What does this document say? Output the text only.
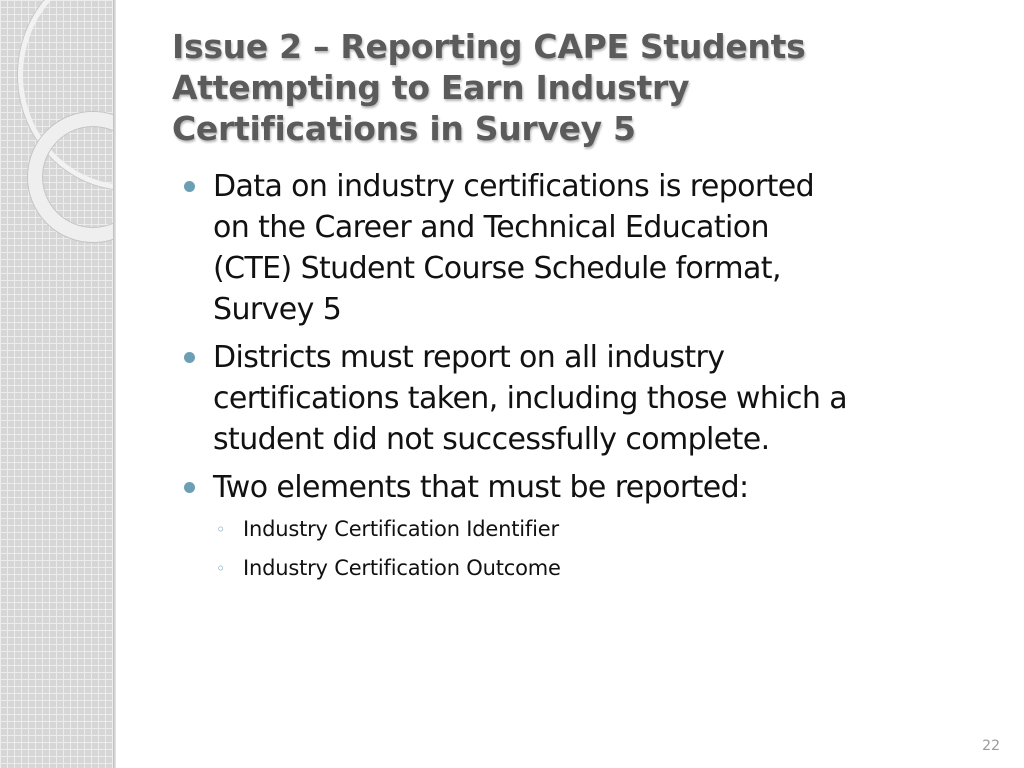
Issue 2 – Reporting CAPE Students
Attempting to Earn Industry
Certifications in Survey 5
Data on industry certifications is reported
on the Career and Technical Education
(CTE) Student Course Schedule format,
Survey 5
Districts must report on all industry
certifications taken, including those which a
student did not successfully complete.
Two elements that must be reported:
◦ Industry Certification Identifier
◦ Industry Certification Outcome
22
